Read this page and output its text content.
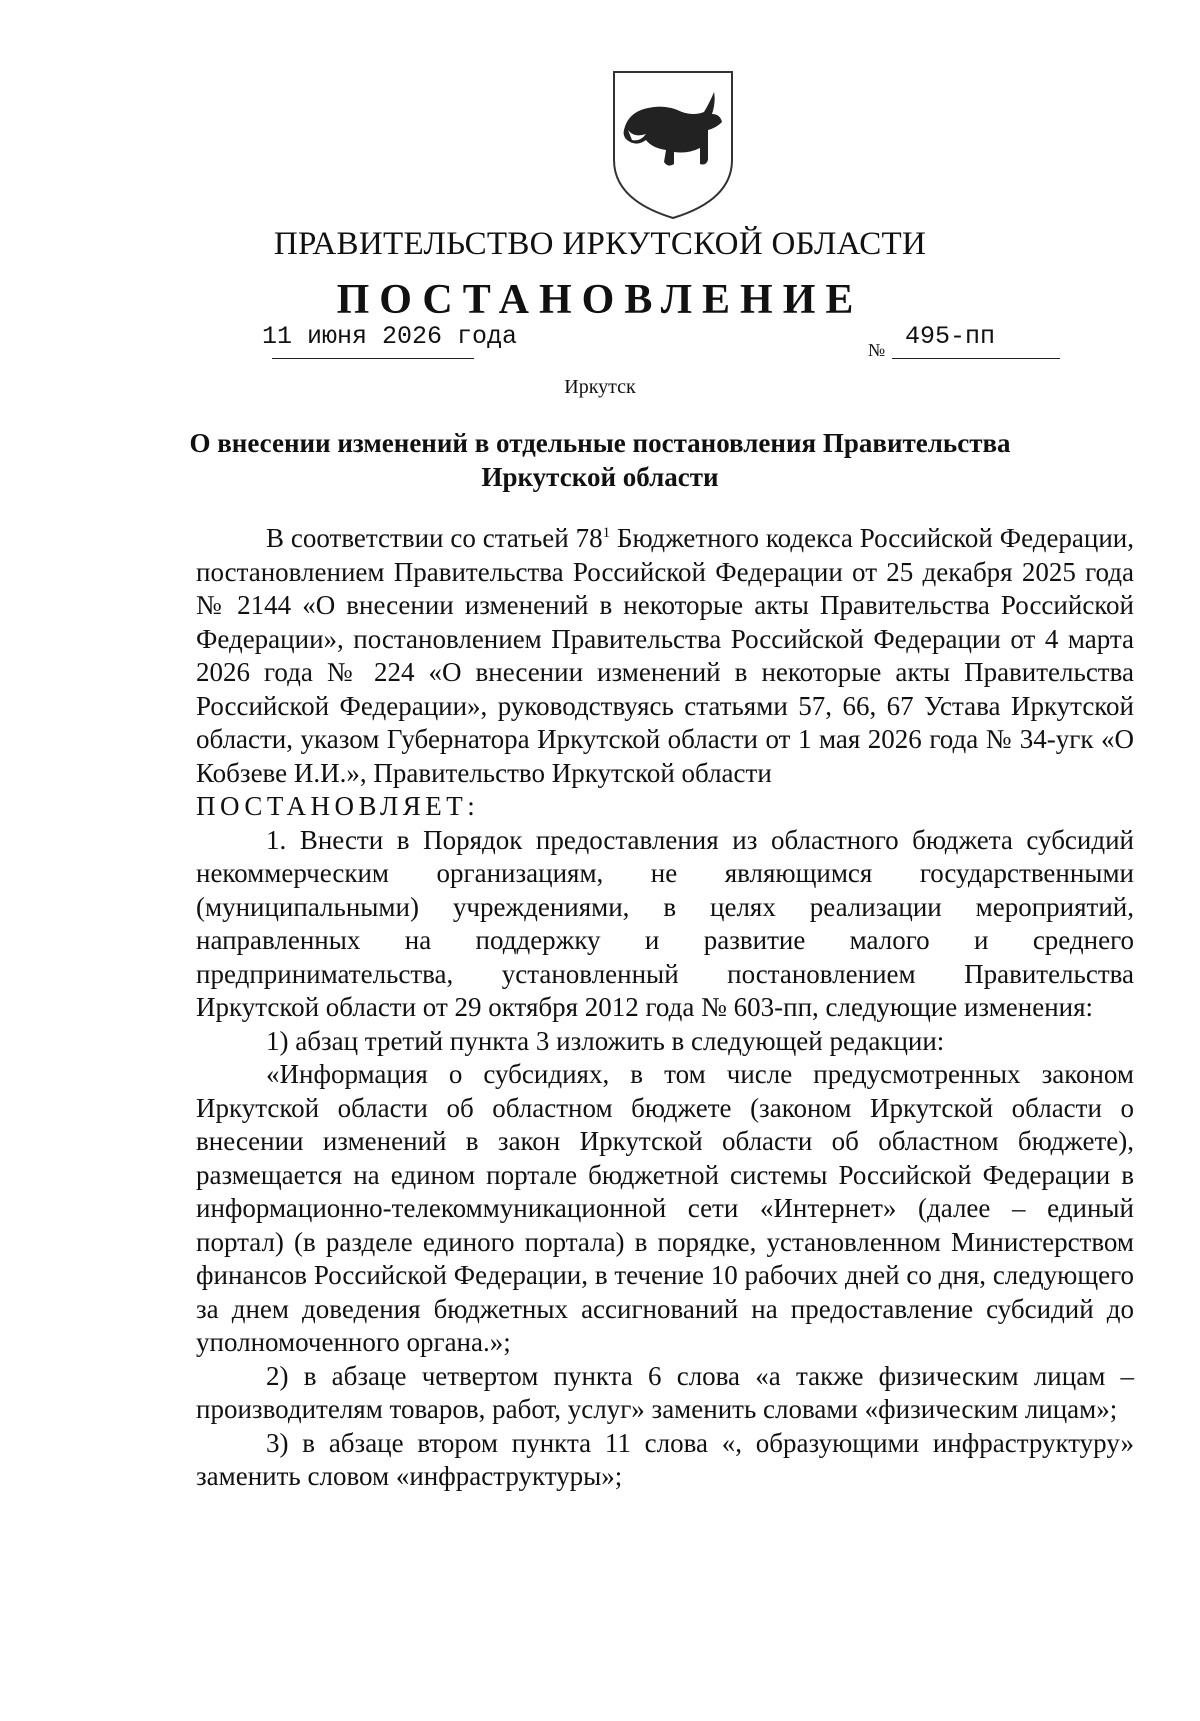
ПРАВИТЕЛЬСТВО ИРКУТСКОЙ ОБЛАСТИ
ПОСТАНОВЛЕНИЕ
11 июня 2026 года	№ 495-пп
Иркутск
О внесении изменений в отдельные постановления Правительства Иркутской области

В соответствии со статьей $78^1$ Бюджетного кодекса Российской Федерации, постановлением Правительства Российской Федерации от 25 декабря 2025 года № 2144 «О внесении изменений в некоторые акты Правительства Российской Федерации», постановлением Правительства Российской Федерации от 4 марта 2026 года № 224 «О внесении изменений в некоторые акты Правительства Российской Федерации», руководствуясь статьями 57, 66, 67 Устава Иркутской области, указом Губернатора Иркутской области от 1 мая 2026 года № 34-угк «О Кобзеве И.И.», Правительство Иркутской области

ПОСТАНОВЛЯЕТ:

1. Внести в Порядок предоставления из областного бюджета субсидий некоммерческим организациям, не являющимся государственными (муниципальными) учреждениями, в целях реализации мероприятий, направленных на поддержку и развитие малого и среднего предпринимательства, установленный постановлением Правительства Иркутской области от 29 октября 2012 года № 603-пп, следующие изменения:

1) абзац третий пункта 3 изложить в следующей редакции:

«Информация о субсидиях, в том числе предусмотренных законом Иркутской области об областном бюджете (законом Иркутской области о внесении изменений в закон Иркутской области об областном бюджете), размещается на едином портале бюджетной системы Российской Федерации в информационно-телекоммуникационной сети «Интернет» (далее – единый портал) (в разделе единого портала) в порядке, установленном Министерством финансов Российской Федерации, в течение 10 рабочих дней со дня, следующего за днем доведения бюджетных ассигнований на предоставление субсидий до уполномоченного органа.»;

2) в абзаце четвертом пункта 6 слова «а также физическим лицам – производителям товаров, работ, услуг» заменить словами «физическим лицам»;

3) в абзаце втором пункта 11 слова «, образующими инфраструктуру» заменить словом «инфраструктуры»;
